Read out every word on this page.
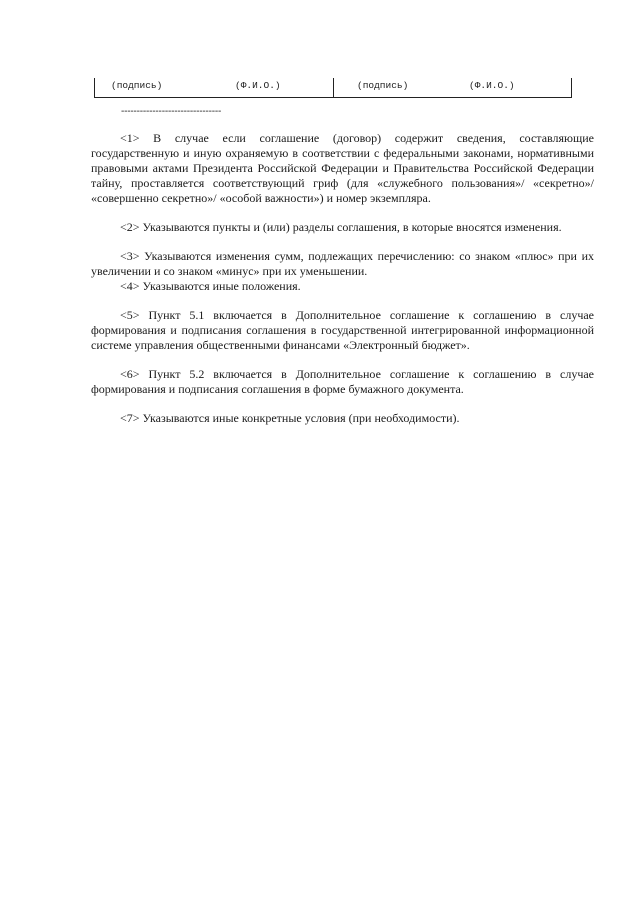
(подпись)	(Ф.И.О.)	(подпись)	(Ф.И.О.)
--------------------------------

<1> В случае если соглашение (договор) содержит сведения, составляющие государственную и иную охраняемую в соответствии с федеральными законами, нормативными правовыми актами Президента Российской Федерации и Правительства Российской Федерации тайну, проставляется соответствующий гриф (для «служебного пользования»/ «секретно»/ «совершенно секретно»/ «особой важности») и номер экземпляра.

<2> Указываются пункты и (или) разделы соглашения, в которые вносятся изменения.

<3> Указываются изменения сумм, подлежащих перечислению: со знаком «плюс» при их увеличении и со знаком «минус» при их уменьшении.

<4> Указываются иные положения.

<5> Пункт 5.1 включается в Дополнительное соглашение к соглашению в случае формирования и подписания соглашения в государственной интегрированной информационной системе управления общественными финансами «Электронный бюджет».

<6> Пункт 5.2 включается в Дополнительное соглашение к соглашению в случае формирования и подписания соглашения в форме бумажного документа.

<7> Указываются иные конкретные условия (при необходимости).
